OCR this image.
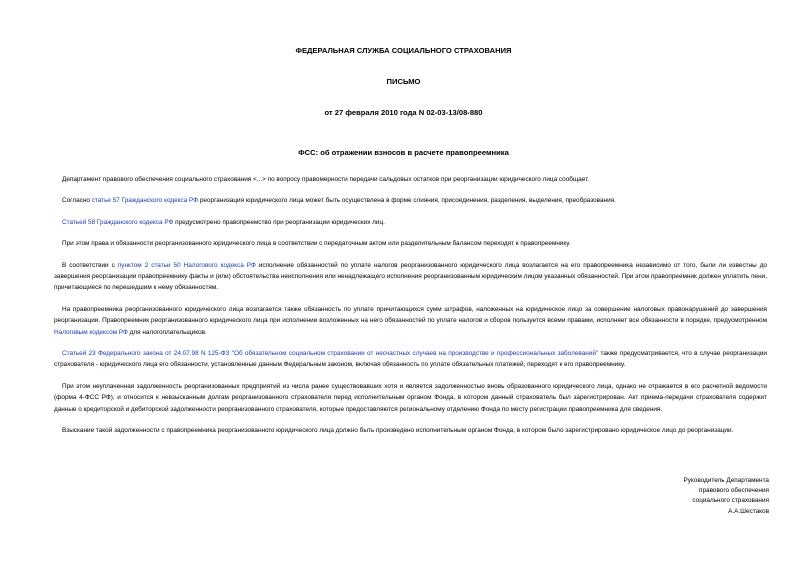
ФЕДЕРАЛЬНАЯ СЛУЖБА СОЦИАЛЬНОГО СТРАХОВАНИЯ
ПИСЬМО
от 27 февраля 2010 года N 02-03-13/08-880
ФСС: об отражении взносов в расчете правопреемника

Департамент правового обеспечения социального страхования <...> по вопросу правомерности передачи сальдовых остатков при реорганизации юридического лица сообщает.

Согласно статье 57 Гражданского кодекса РФ реорганизация юридического лица может быть осуществлена в форме слияния, присоединения, разделения, выделения, преобразования.

Статьей 58 Гражданского кодекса РФ предусмотрено правопреемство при реорганизации юридических лиц.

При этом права и обязанности реорганизованного юридического лица в соответствии с передаточным актом или разделительным балансом переходят к правопреемнику.

В соответствии с пунктом 2 статьи 50 Налогового кодекса РФ исполнение обязанностей по уплате налогов реорганизованного юридического лица возлагается на его правопреемника независимо от того, были ли известны до завершения реорганизации правопреемнику факты и (или) обстоятельства неисполнения или ненадлежащего исполнения реорганизованным юридическим лицом указанных обязанностей. При этом правопреемник должен уплатить пени, причитающиеся по перешедшим к нему обязанностям.

На правопреемника реорганизованного юридического лица возлагается также обязанность по уплате причитающихся сумм штрафов, наложенных на юридическое лицо за совершение налоговых правонарушений до завершения реорганизации. Правопреемник реорганизованного юридического лица при исполнении возложенных на него обязанностей по уплате налогов и сборов пользуется всеми правами, исполняет все обязанности в порядке, предусмотренном Налоговым кодексом РФ для налогоплательщиков.

Статьей 23 Федерального закона от 24.07.98 N 125-ФЗ "Об обязательном социальном страховании от несчастных случаев на производстве и профессиональных заболеваний" также предусматривается, что в случае реорганизации страхователя - юридического лица его обязанности, установленные данным Федеральным законом, включая обязанность по уплате обязательных платежей, переходят к его правопреемнику.

При этом неуплаченная задолженность реорганизованных предприятий из числа ранее существовавших хотя и является задолженностью вновь образованного юридического лица, однако не отражается в его расчетной ведомости (форма 4-ФСС РФ), и относится к невзысканным долгам реорганизованного страхователя перед исполнительным органом Фонда, в котором данный страхователь был зарегистрирован. Акт приема-передачи страхователя содержит данные о кредиторской и дебиторской задолженности реорганизованного страхователя, которые предоставляются региональному отделению Фонда по месту регистрации правопреемника для сведения.

Взыскание такой задолженности с правопреемника реорганизованного юридического лица должно быть произведено исполнительным органом Фонда, в котором было зарегистрировано юридическое лицо до реорганизации.

Руководитель Департамента
правового обеспечения
социального страхования
А.А.Шестаков
